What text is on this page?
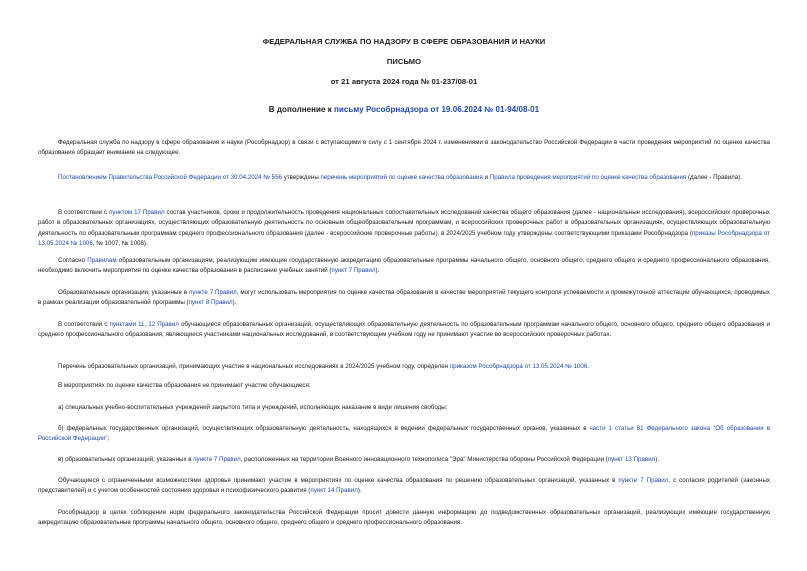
ФЕДЕРАЛЬНАЯ СЛУЖБА ПО НАДЗОРУ В СФЕРЕ ОБРАЗОВАНИЯ И НАУКИ
ПИСЬМО
от 21 августа 2024 года № 01-237/08-01
В дополнение к письму Рособрнадзора от 19.06.2024 № 01-94/08-01

Федеральная служба по надзору в сфере образования и науки (Рособрнадзор) в связи с вступающими в силу с 1 сентября 2024 г. изменениями в законодательство Российской Федерации в части проведения мероприятий по оценке качества образования обращает внимание на следующее.

Постановлением Правительства Российской Федерации от 30.04.2024 № 556 утверждены перечень мероприятий по оценке качества образования и Правила проведения мероприятий по оценке качества образования (далее - Правила).

В соответствии с пунктом 17 Правил состав участников, сроки и продолжительность проведения национальных сопоставительных исследований качества общего образования (далее - национальные исследования), всероссийских проверочных работ в образовательных организациях, осуществляющих образовательную деятельность по основным общеобразовательным программам, и всероссийских проверочных работ в образовательных организациях, осуществляющих образовательную деятельность по образовательным программам среднего профессионального образования (далее - всероссийские проверочные работы), в 2024/2025 учебном году утверждены соответствующими приказами Рособрнадзора (приказы Рособрнадзора от 13.05.2024 № 1006, № 1007, № 1008).

Согласно Правилам образовательным организациям, реализующим имеющие государственную аккредитацию образовательные программы начального общего, основного общего, среднего общего и среднего профессионального образования, необходимо включить мероприятия по оценке качества образования в расписание учебных занятий (пункт 7 Правил).

Образовательные организации, указанные в пункте 7 Правил, могут использовать мероприятия по оценке качества образования в качестве мероприятий текущего контроля успеваемости и промежуточной аттестации обучающихся, проводимых в рамках реализации образовательной программы (пункт 8 Правил).

В соответствии с пунктами 11, 12 Правил обучающиеся образовательных организаций, осуществляющих образовательную деятельность по образовательным программам начального общего, основного общего, среднего общего образования и среднего профессионального образования, являющиеся участниками национальных исследований, в соответствующем учебном году не принимают участие во всероссийских проверочных работах.

Перечень образовательных организаций, принимающих участие в национальных исследованиях в 2024/2025 учебном году, определен приказом Рособрнадзора от 13.05.2024 № 1006.

В мероприятиях по оценке качества образования не принимают участие обучающиеся:

а) специальных учебно-воспитательных учреждений закрытого типа и учреждений, исполняющих наказание в виде лишения свободы;

б) федеральных государственных организаций, осуществляющих образовательную деятельность, находящихся в ведении федеральных государственных органов, указанных в части 1 статьи 81 Федерального закона "Об образовании в Российской Федерации";

в) образовательных организаций, указанных в пункте 7 Правил, расположенных на территории Военного инновационного технополиса "Эра" Министерства обороны Российской Федерации (пункт 13 Правил).

Обучающиеся с ограниченными возможностями здоровья принимают участие в мероприятиях по оценке качества образования по решению образовательных организаций, указанных в пункте 7 Правил, с согласия родителей (законных представителей) и с учетом особенностей состояния здоровья и психофизического развития (пункт 14 Правил).

Рособрнадзор в целях соблюдения норм федерального законодательства Российской Федерации просит довести данную информацию до подведомственных образовательных организаций, реализующих имеющие государственную аккредитацию образовательные программы начального общего, основного общего, среднего общего и среднего профессионального образования.
